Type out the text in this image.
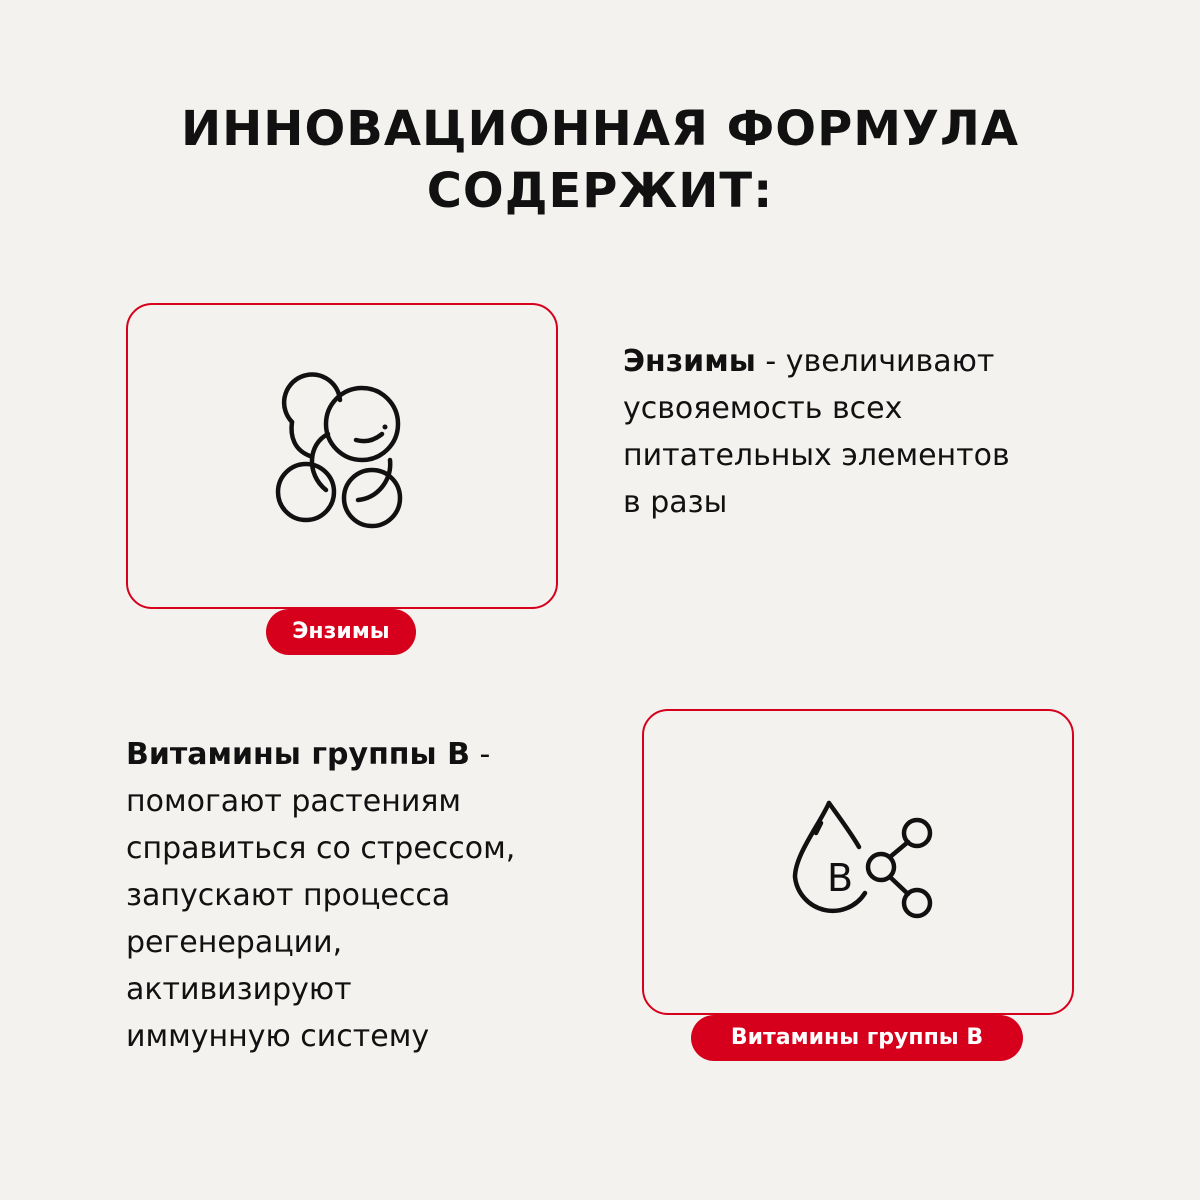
ИННОВАЦИОННАЯ ФОРМУЛА
СОДЕРЖИТ:
Энзимы
Энзимы - увеличивают
усвояемость всех
питательных элементов
в разы
Витамины группы В -
помогают растениям
справиться со стрессом,
запускают процесса
регенерации,
активизируют
иммунную систему
B
Витамины группы В
